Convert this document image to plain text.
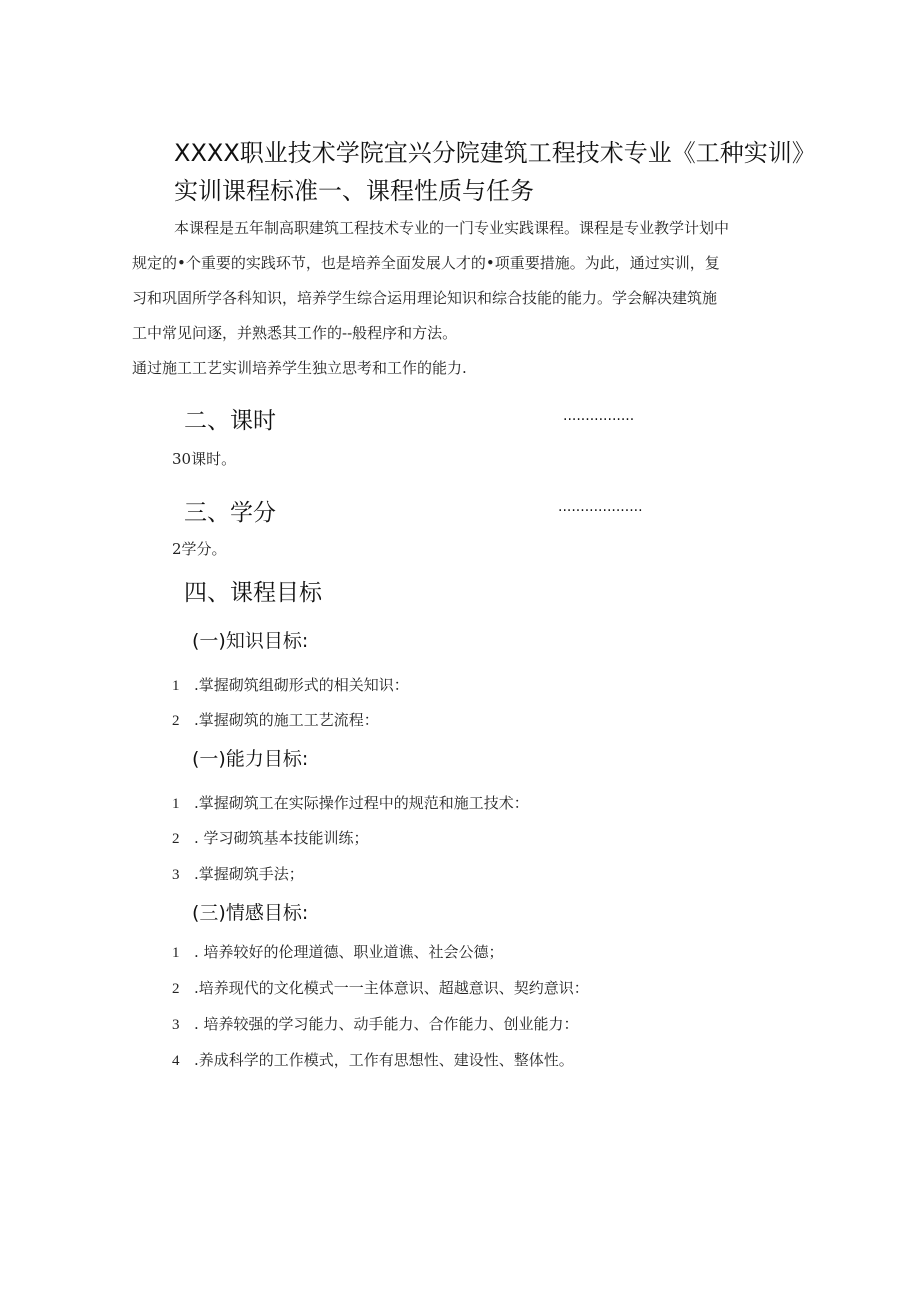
XXXX职业技术学院宜兴分院建筑工程技术专业《工种实训》
实训课程标准一、课程性质与任务
本课程是五年制高职建筑工程技术专业的一门专业实践课程。课程是专业教学计划中
规定的•个重要的实践环节，也是培养全面发展人才的•项重要措施。为此，通过实训，复
习和巩固所学各科知识，培养学生综合运用理论知识和综合技能的能力。学会解决建筑施
工中常见问逐，并熟悉其工作的--般程序和方法。
通过施工工艺实训培养学生独立思考和工作的能力.
二、课时	................
30课时。
三、学分	...................
2学分。
四、课程目标
(一)知识目标:
1 .掌握砌筑组砌形式的相关知识：
2 .掌握砌筑的施工工艺流程：
(一)能力目标:
1 .掌握砌筑工在实际操作过程中的规范和施工技术：
2 . 学习砌筑基本技能训练；
3 .掌握砌筑手法；
(三)情感目标:
1 . 培养较好的伦理道德、职业道谯、社会公德；
2 .培养现代的文化模式一一主体意识、超越意识、契约意识：
3 . 培养较强的学习能力、动手能力、合作能力、创业能力：
4 .养成科学的工作模式，工作有思想性、建设性、整体性。
